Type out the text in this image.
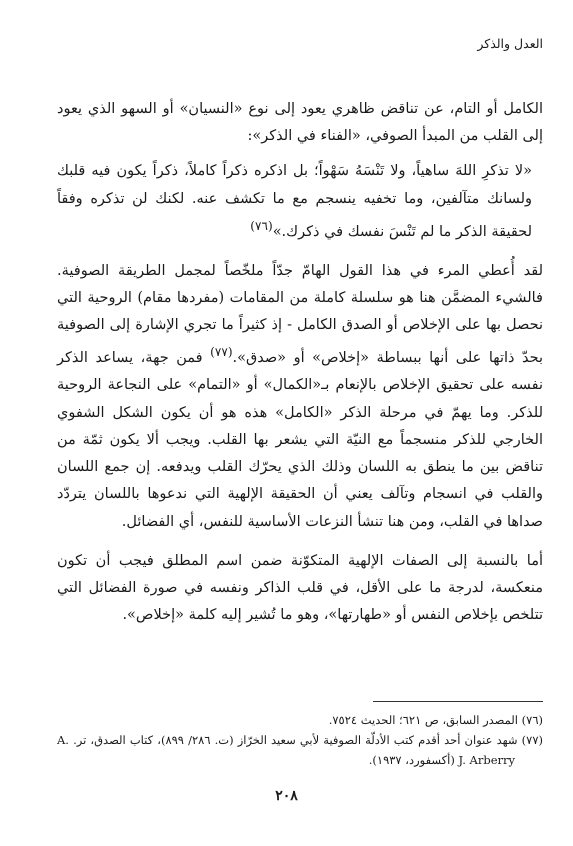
العدل والذكر

الكامل أو التام، عن تناقض ظاهري يعود إلى نوع «النسيان» أو السهو الذي يعود إلى القلب من المبدأ الصوفي، «الفناء في الذكر»:

«لا تذكرِ اللهَ ساهياً، ولا تَنْسَهُ سَهْواً؛ بل اذكره ذكراً كاملاً، ذكراً يكون فيه قلبك ولسانك متآلفين، وما تخفيه ينسجم مع ما تكشف عنه. لكنك لن تذكره وفقاً لحقيقة الذكر ما لم تَنْسَ نفسك في ذكرك.»$^{(٧٦)}$

لقد أُعطي المرء في هذا القول الهامّ جدّاً ملخّصاً لمجمل الطريقة الصوفية. فالشيء المضمَّن هنا هو سلسلة كاملة من المقامات (مفردها مقام) الروحية التي نحصل بها على الإخلاص أو الصدق الكامل - إذ كثيراً ما تجري الإشارة إلى الصوفية بحدّ ذاتها على أنها ببساطة «إخلاص» أو «صدق».$^{(٧٧)}$ فمن جهة، يساعد الذكر نفسه على تحقيق الإخلاص بالإنعام بـ«الكمال» أو «التمام» على النجاعة الروحية للذكر. وما يهمّ في مرحلة الذكر «الكامل» هذه هو أن يكون الشكل الشفوي الخارجي للذكر منسجماً مع النيّة التي يشعر بها القلب. ويجب ألا يكون ثمّة من تناقض بين ما ينطق به اللسان وذلك الذي يحرّك القلب ويدفعه. إن جمع اللسان والقلب في انسجام وتآلف يعني أن الحقيقة الإلهية التي ندعوها باللسان يتردّد صداها في القلب، ومن هنا تنشأ النزعات الأساسية للنفس، أي الفضائل.

أما بالنسبة إلى الصفات الإلهية المتكوّنة ضمن اسم المطلق فيجب أن تكون منعكسة، لدرجة ما على الأقل، في قلب الذاكر ونفسه في صورة الفضائل التي تتلخص بإخلاص النفس أو «طهارتها»، وهو ما تُشير إليه كلمة «إخلاص».

(٧٦) المصدر السابق، ص ٦٢١؛ الحديث ٧٥٢٤.

(٧٧) شهد عنوان أحد أقدم كتب الأدلّة الصوفية لأبي سعيد الخرّاز (ت. ٢٨٦/ ٨٩٩)، كتاب الصدق، تر. A. J. Arberry (أكسفورد، ١٩٣٧).

٢٠٨
